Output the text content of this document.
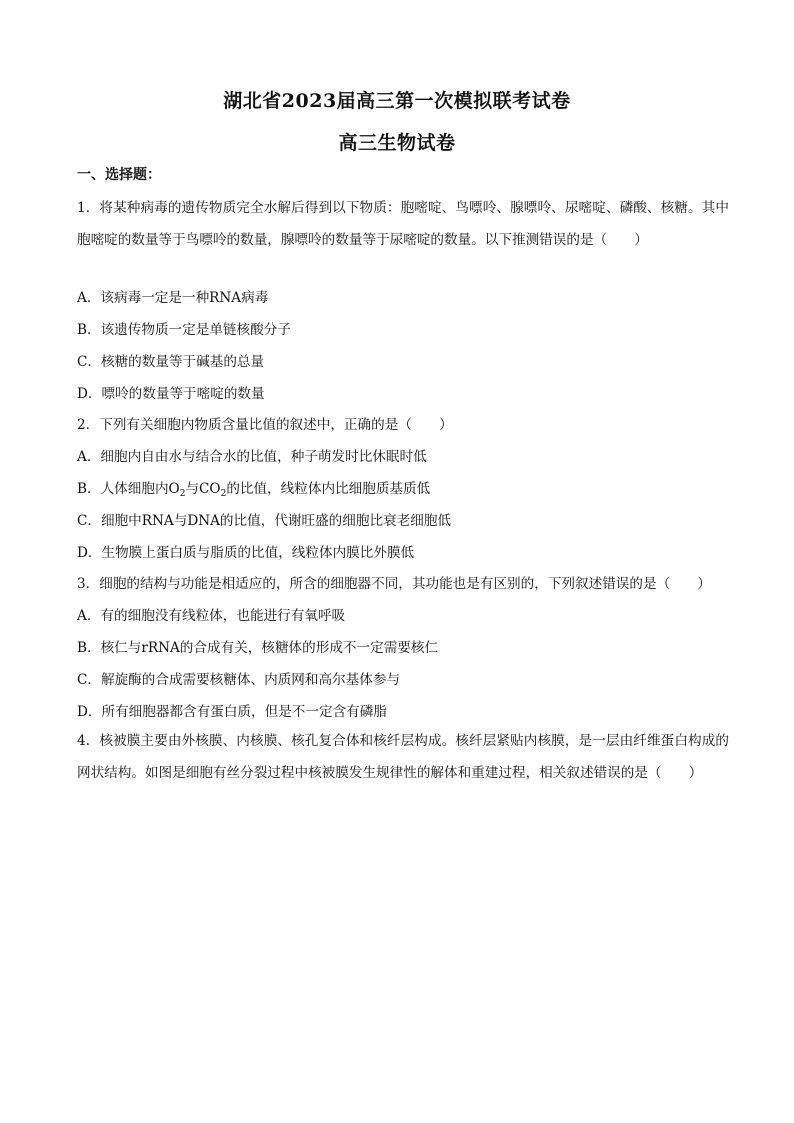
湖北省2023届高三第一次模拟联考试卷
高三生物试卷
一、选择题：
1．将某种病毒的遗传物质完全水解后得到以下物质：胞嘧啶、鸟嘌呤、腺嘌呤、尿嘧啶、磷酸、核糖。其中胞嘧啶的数量等于鸟嘌呤的数量，腺嘌呤的数量等于尿嘧啶的数量。以下推测错误的是（　　）
A．该病毒一定是一种RNA病毒
B．该遗传物质一定是单链核酸分子
C．核糖的数量等于碱基的总量
D．嘌呤的数量等于嘧啶的数量
2．下列有关细胞内物质含量比值的叙述中，正确的是（　　）
A．细胞内自由水与结合水的比值，种子萌发时比休眠时低
B．人体细胞内$O_2$与$CO_2$的比值，线粒体内比细胞质基质低
C．细胞中RNA与DNA的比值，代谢旺盛的细胞比衰老细胞低
D．生物膜上蛋白质与脂质的比值，线粒体内膜比外膜低
3．细胞的结构与功能是相适应的，所含的细胞器不同，其功能也是有区别的，下列叙述错误的是（　　）
A．有的细胞没有线粒体，也能进行有氧呼吸
B．核仁与rRNA的合成有关，核糖体的形成不一定需要核仁
C．解旋酶的合成需要核糖体、内质网和高尔基体参与
D．所有细胞器都含有蛋白质，但是不一定含有磷脂
4．核被膜主要由外核膜、内核膜、核孔复合体和核纤层构成。核纤层紧贴内核膜，是一层由纤维蛋白构成的网状结构。如图是细胞有丝分裂过程中核被膜发生规律性的解体和重建过程，相关叙述错误的是（　　）
